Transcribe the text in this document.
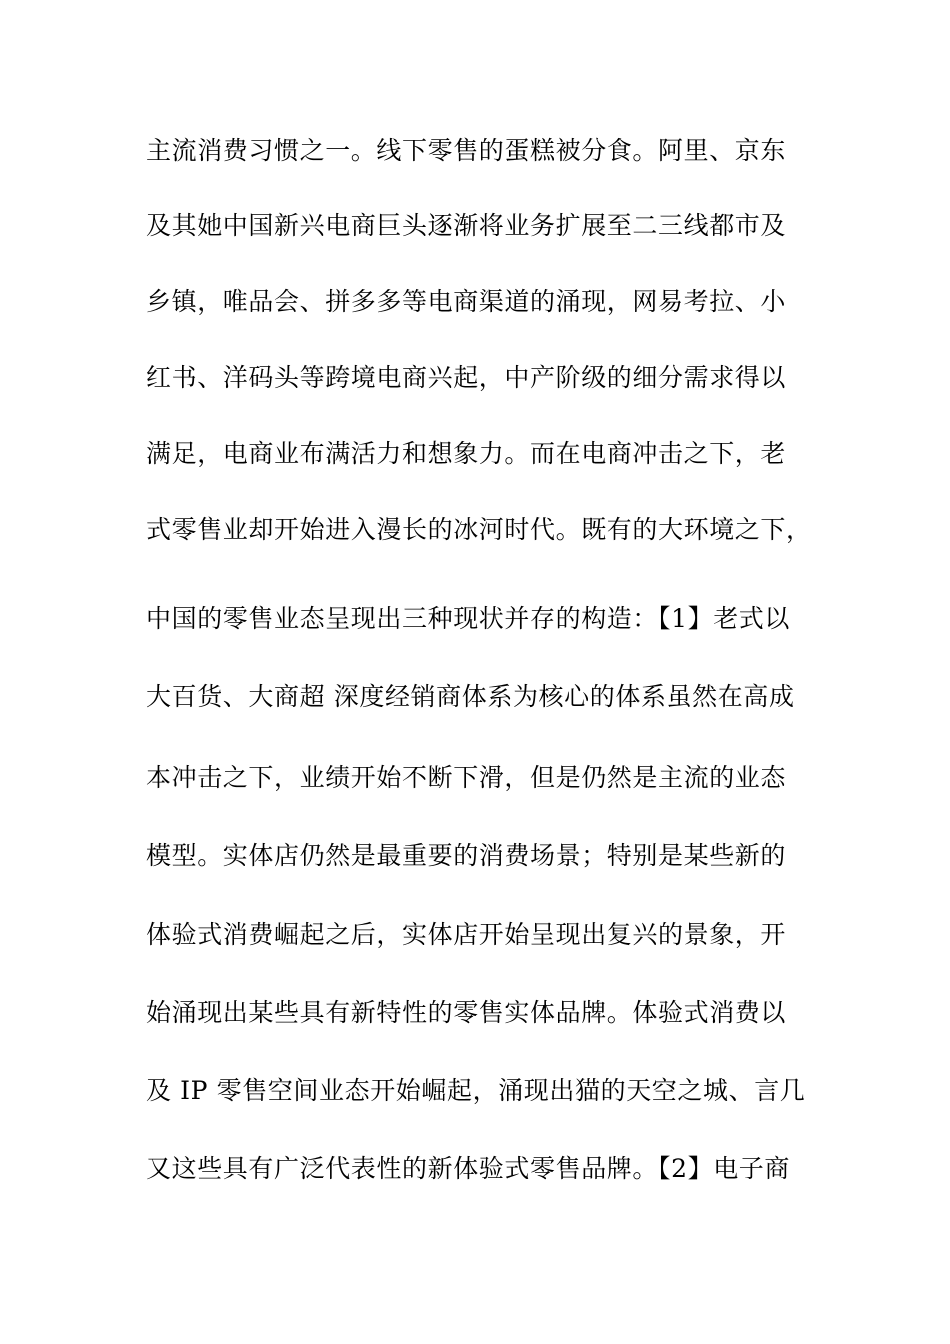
主流消费习惯之一。线下零售的蛋糕被分食。阿里、京东
及其她中国新兴电商巨头逐渐将业务扩展至二三线都市及
乡镇，唯品会、拼多多等电商渠道的涌现，网易考拉、小
红书、洋码头等跨境电商兴起，中产阶级的细分需求得以
满足，电商业布满活力和想象力。而在电商冲击之下，老
式零售业却开始进入漫长的冰河时代。既有的大环境之下，
中国的零售业态呈现出三种现状并存的构造：【1】老式以
大百货、大商超 深度经销商体系为核心的体系虽然在高成
本冲击之下，业绩开始不断下滑，但是仍然是主流的业态
模型。实体店仍然是最重要的消费场景；特别是某些新的
体验式消费崛起之后，实体店开始呈现出复兴的景象，开
始涌现出某些具有新特性的零售实体品牌。体验式消费以
及 IP 零售空间业态开始崛起，涌现出猫的天空之城、言几
又这些具有广泛代表性的新体验式零售品牌。【2】电子商
